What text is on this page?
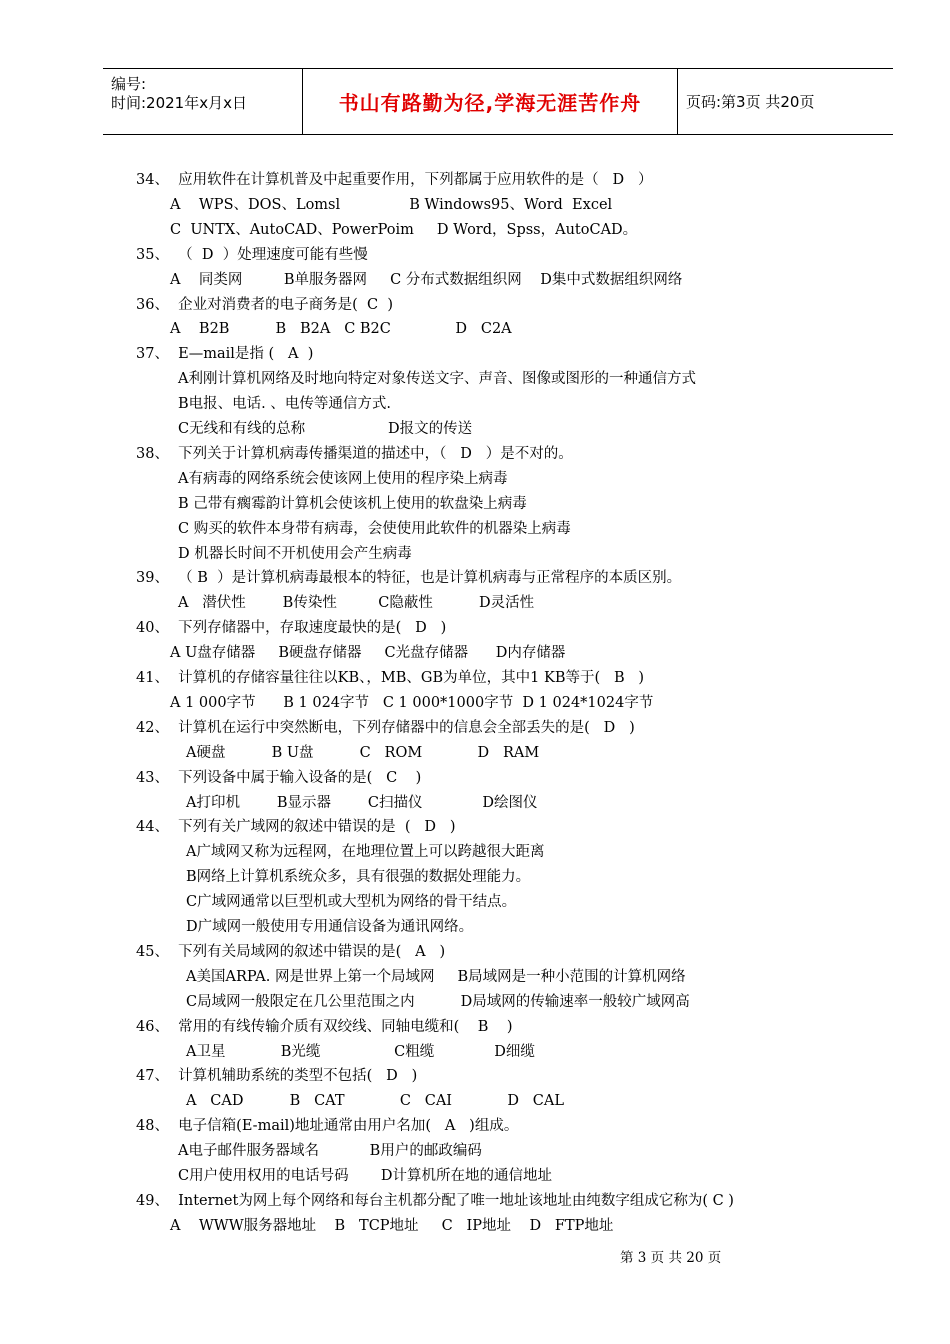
编号:
时间:2021年x月x日	书山有路勤为径,学海无涯苦作舟	页码:第3页 共20页
34、  应用软件在计算机普及中起重要作用，下列都属于应用软件的是（   D   ）
A    WPS、DOS、Lomsl               B Windows95、Word  Excel
C  UNTX、AutoCAD、PowerPoim     D Word，Spss，AutoCAD。
35、  （  D  ）处理速度可能有些慢
A    同类网         B单服务器网     C 分布式数据组织网    D集中式数据组织网络
36、  企业对消费者的电子商务是(  C  )
A    B2B          B   B2A   C B2C              D   C2A
37、  E—mail是指 (   A  )
A利刚计算机网络及时地向特定对象传送文字、声音、图像或图形的一种通信方式
B电报、电话. 、电传等通信方式.
C无线和有线的总称                  D报文的传送
38、  下列关于计算机病毒传播渠道的描述中，（   D   ）是不对的。
A有病毒的网络系统会使该网上使用的程序染上病毒
B 己带有瘸霉韵计算机会使该机上使用的软盘染上病毒
C 购买的软件本身带有病毒，会使使用此软件的机器染上病毒
D 机器长时间不开机使用会产生病毒
39、  （ B  ）是计算机病毒最根本的特征，也是计算机病毒与正常程序的本质区别。
A   潜伏性        B传染性         C隐蔽性          D灵活性
40、  下列存储器中，存取速度最快的是(   D   )
A U盘存储器     B硬盘存储器     C光盘存储器      D内存储器
41、  计算机的存储容量往往以KB、，MB、GB为单位，其中1 KB等于(   B   )
A 1 000字节      B 1 024字节   C 1 000*1000字节  D 1 024*1024字节
42、  计算机在运行中突然断电，下列存储器中的信息会全部丢失的是(   D   )
A硬盘          B U盘          C   ROM            D   RAM
43、  下列设备中属于输入设备的是(   C    )
A打印机        B显示器        C扫描仪             D绘图仪
44、  下列有关广域网的叙述中错误的是  (   D   )
A广域网又称为远程网，在地理位置上可以跨越很大距离
B网络上计算机系统众多，具有很强的数据处理能力。
C广域网通常以巨型机或大型机为网络的骨干结点。
D广域网一般使用专用通信设备为通讯网络。
45、  下列有关局域网的叙述中错误的是(   A   )
A美国ARPA. 网是世界上第一个局域网     B局域网是一种小范围的计算机网络
C局域网一般限定在几公里范围之内          D局域网的传输速率一般较广域网高
46、  常用的有线传输介质有双绞线、同轴电缆和(    B    )
A卫星            B光缆                C粗缆             D细缆
47、  计算机辅助系统的类型不包括(   D   )
A   CAD          B   CAT            C   CAI            D   CAL
48、  电子信箱(E-mail)地址通常由用户名加(   A   )组成。
A电子邮件服务器域名           B用户的邮政编码
C用户使用权用的电话号码       D计算机所在地的通信地址
49、  Internet为网上每个网络和每台主机都分配了唯一地址该地址由纯数字组成它称为( C )
A    WWW服务器地址    B   TCP地址     C   IP地址    D   FTP地址
第 3 页 共 20 页
